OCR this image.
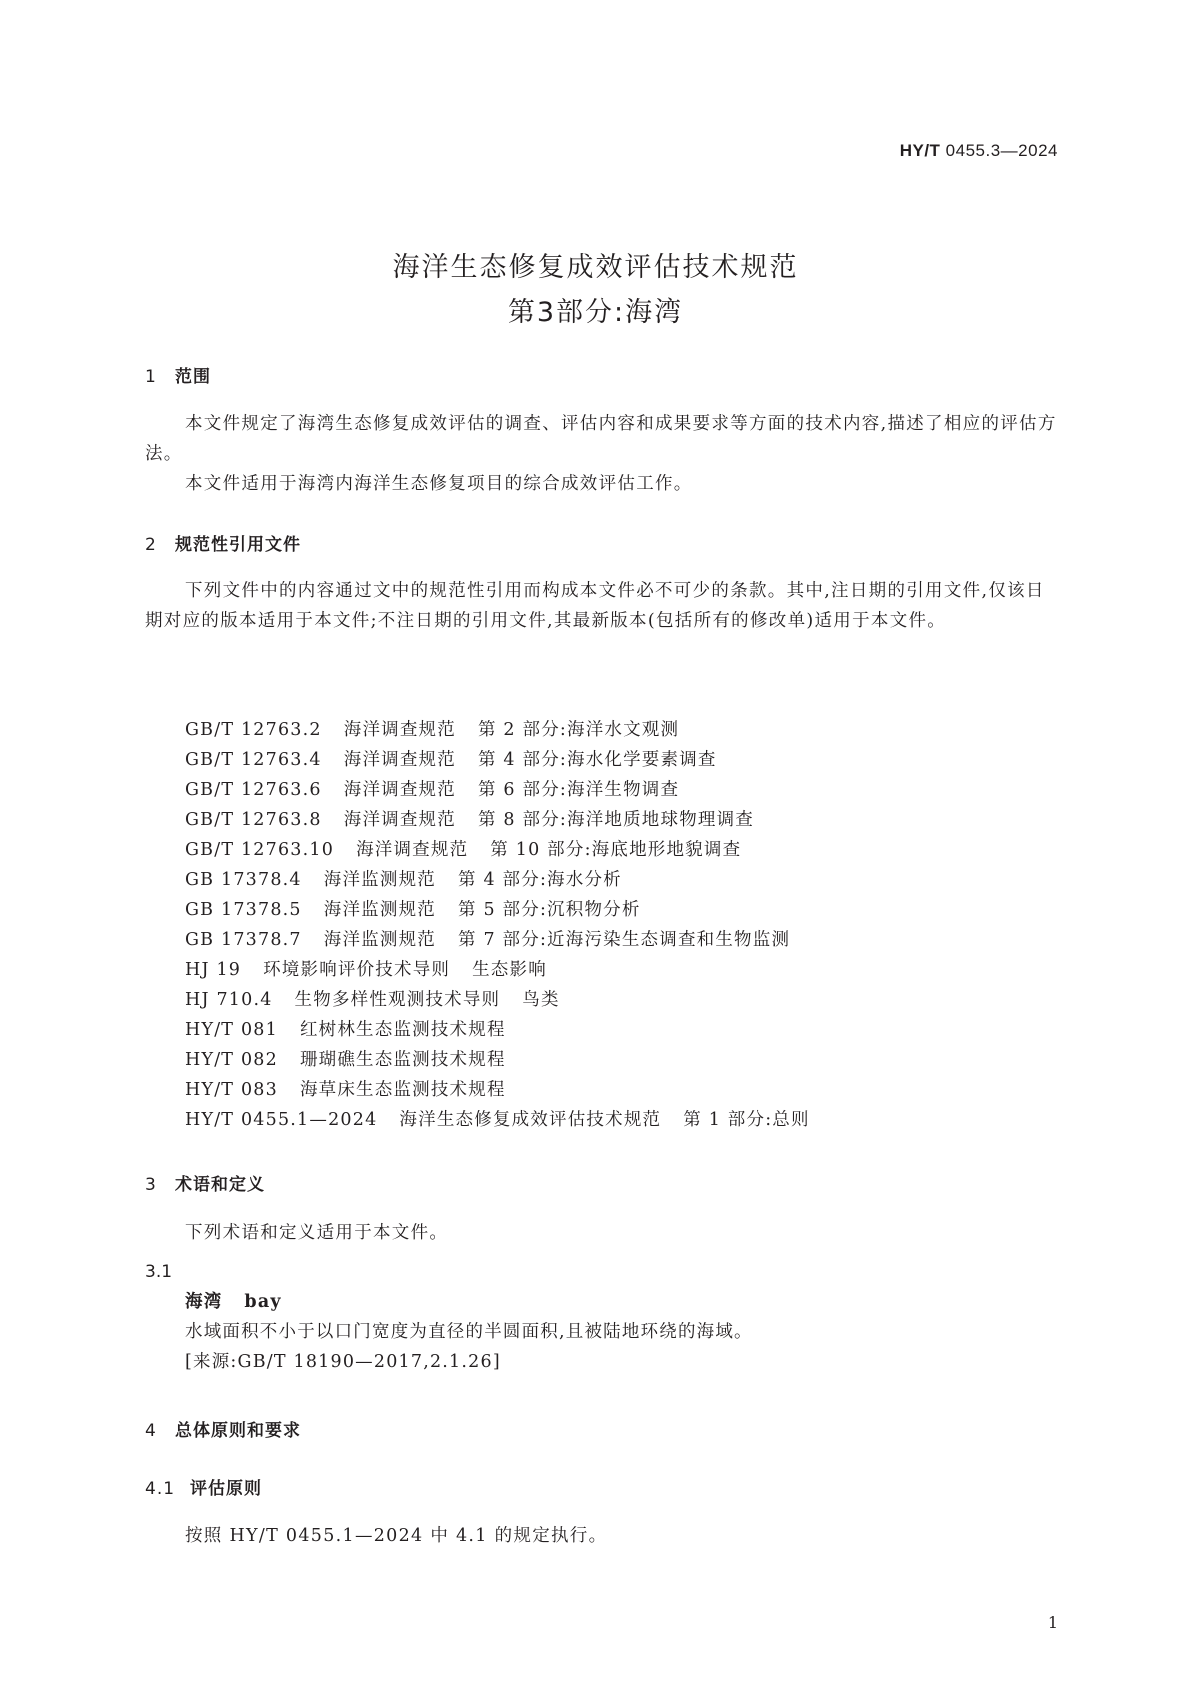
HY/T 0455.3—2024
海洋生态修复成效评估技术规范
第3部分:海湾
1 范围
本文件规定了海湾生态修复成效评估的调查、评估内容和成果要求等方面的技术内容,描述了相应的评估方法。
本文件适用于海湾内海洋生态修复项目的综合成效评估工作。
2 规范性引用文件
下列文件中的内容通过文中的规范性引用而构成本文件必不可少的条款。其中,注日期的引用文件,仅该日期对应的版本适用于本文件;不注日期的引用文件,其最新版本(包括所有的修改单)适用于本文件。
GB/T 12763.2 海洋调查规范 第 2 部分:海洋水文观测
GB/T 12763.4 海洋调查规范 第 4 部分:海水化学要素调查
GB/T 12763.6 海洋调查规范 第 6 部分:海洋生物调查
GB/T 12763.8 海洋调查规范 第 8 部分:海洋地质地球物理调查
GB/T 12763.10 海洋调查规范 第 10 部分:海底地形地貌调查
GB 17378.4 海洋监测规范 第 4 部分:海水分析
GB 17378.5 海洋监测规范 第 5 部分:沉积物分析
GB 17378.7 海洋监测规范 第 7 部分:近海污染生态调查和生物监测
HJ 19 环境影响评价技术导则 生态影响
HJ 710.4 生物多样性观测技术导则 鸟类
HY/T 081 红树林生态监测技术规程
HY/T 082 珊瑚礁生态监测技术规程
HY/T 083 海草床生态监测技术规程
HY/T 0455.1—2024 海洋生态修复成效评估技术规范 第 1 部分:总则
3 术语和定义
下列术语和定义适用于本文件。
3.1
海湾 bay
水域面积不小于以口门宽度为直径的半圆面积,且被陆地环绕的海域。
[来源:GB/T 18190—2017,2.1.26]
4 总体原则和要求
4.1 评估原则
按照 HY/T 0455.1—2024 中 4.1 的规定执行。
1
